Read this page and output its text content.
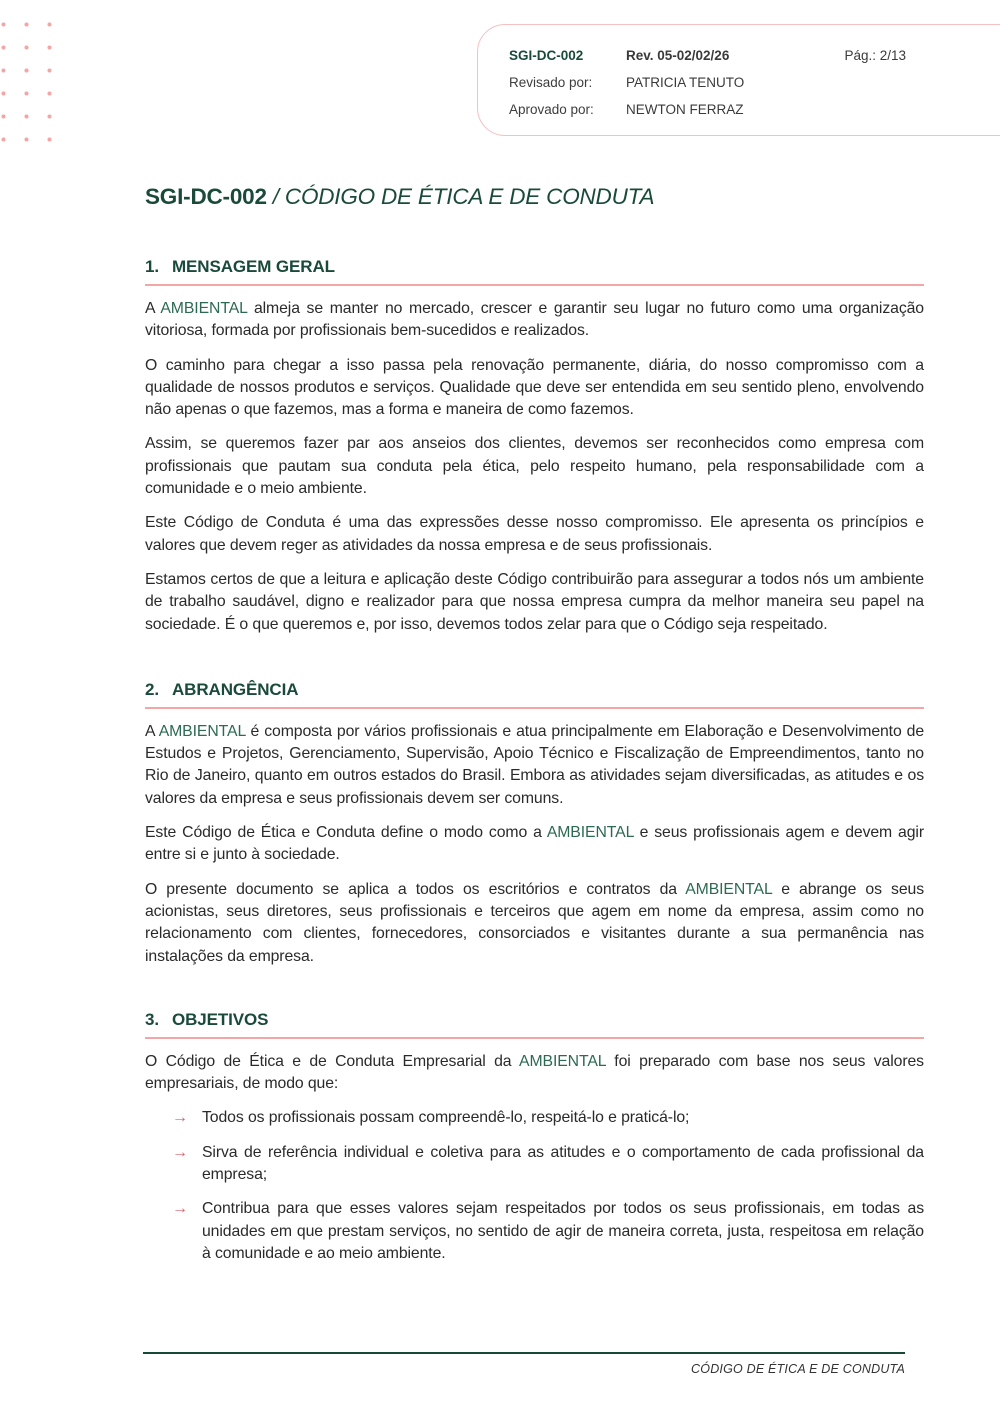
SGI-DC-002	Rev. 05-02/02/26	Pág.: 2/13
Revisado por:	PATRICIA TENUTO
Aprovado por:	NEWTON FERRAZ
SGI-DC-002 / CÓDIGO DE ÉTICA E DE CONDUTA
1. MENSAGEM GERAL

A AMBIENTAL almeja se manter no mercado, crescer e garantir seu lugar no futuro como uma organização vitoriosa, formada por profissionais bem-sucedidos e realizados.

O caminho para chegar a isso passa pela renovação permanente, diária, do nosso compromisso com a qualidade de nossos produtos e serviços. Qualidade que deve ser entendida em seu sentido pleno, envolvendo não apenas o que fazemos, mas a forma e maneira de como fazemos.

Assim, se queremos fazer par aos anseios dos clientes, devemos ser reconhecidos como empresa com profissionais que pautam sua conduta pela ética, pelo respeito humano, pela responsabilidade com a comunidade e o meio ambiente.

Este Código de Conduta é uma das expressões desse nosso compromisso. Ele apresenta os princípios e valores que devem reger as atividades da nossa empresa e de seus profissionais.

Estamos certos de que a leitura e aplicação deste Código contribuirão para assegurar a todos nós um ambiente de trabalho saudável, digno e realizador para que nossa empresa cumpra da melhor maneira seu papel na sociedade. É o que queremos e, por isso, devemos todos zelar para que o Código seja respeitado.

2. ABRANGÊNCIA

A AMBIENTAL é composta por vários profissionais e atua principalmente em Elaboração e Desenvolvimento de Estudos e Projetos, Gerenciamento, Supervisão, Apoio Técnico e Fiscalização de Empreendimentos, tanto no Rio de Janeiro, quanto em outros estados do Brasil. Embora as atividades sejam diversificadas, as atitudes e os valores da empresa e seus profissionais devem ser comuns.

Este Código de Ética e Conduta define o modo como a AMBIENTAL e seus profissionais agem e devem agir entre si e junto à sociedade.

O presente documento se aplica a todos os escritórios e contratos da AMBIENTAL e abrange os seus acionistas, seus diretores, seus profissionais e terceiros que agem em nome da empresa, assim como no relacionamento com clientes, fornecedores, consorciados e visitantes durante a sua permanência nas instalações da empresa.

3. OBJETIVOS

O Código de Ética e de Conduta Empresarial da AMBIENTAL foi preparado com base nos seus valores empresariais, de modo que:

→ Todos os profissionais possam compreendê-lo, respeitá-lo e praticá-lo;
→ Sirva de referência individual e coletiva para as atitudes e o comportamento de cada profissional da empresa;
→ Contribua para que esses valores sejam respeitados por todos os seus profissionais, em todas as unidades em que prestam serviços, no sentido de agir de maneira correta, justa, respeitosa em relação à comunidade e ao meio ambiente.
CÓDIGO DE ÉTICA E DE CONDUTA
